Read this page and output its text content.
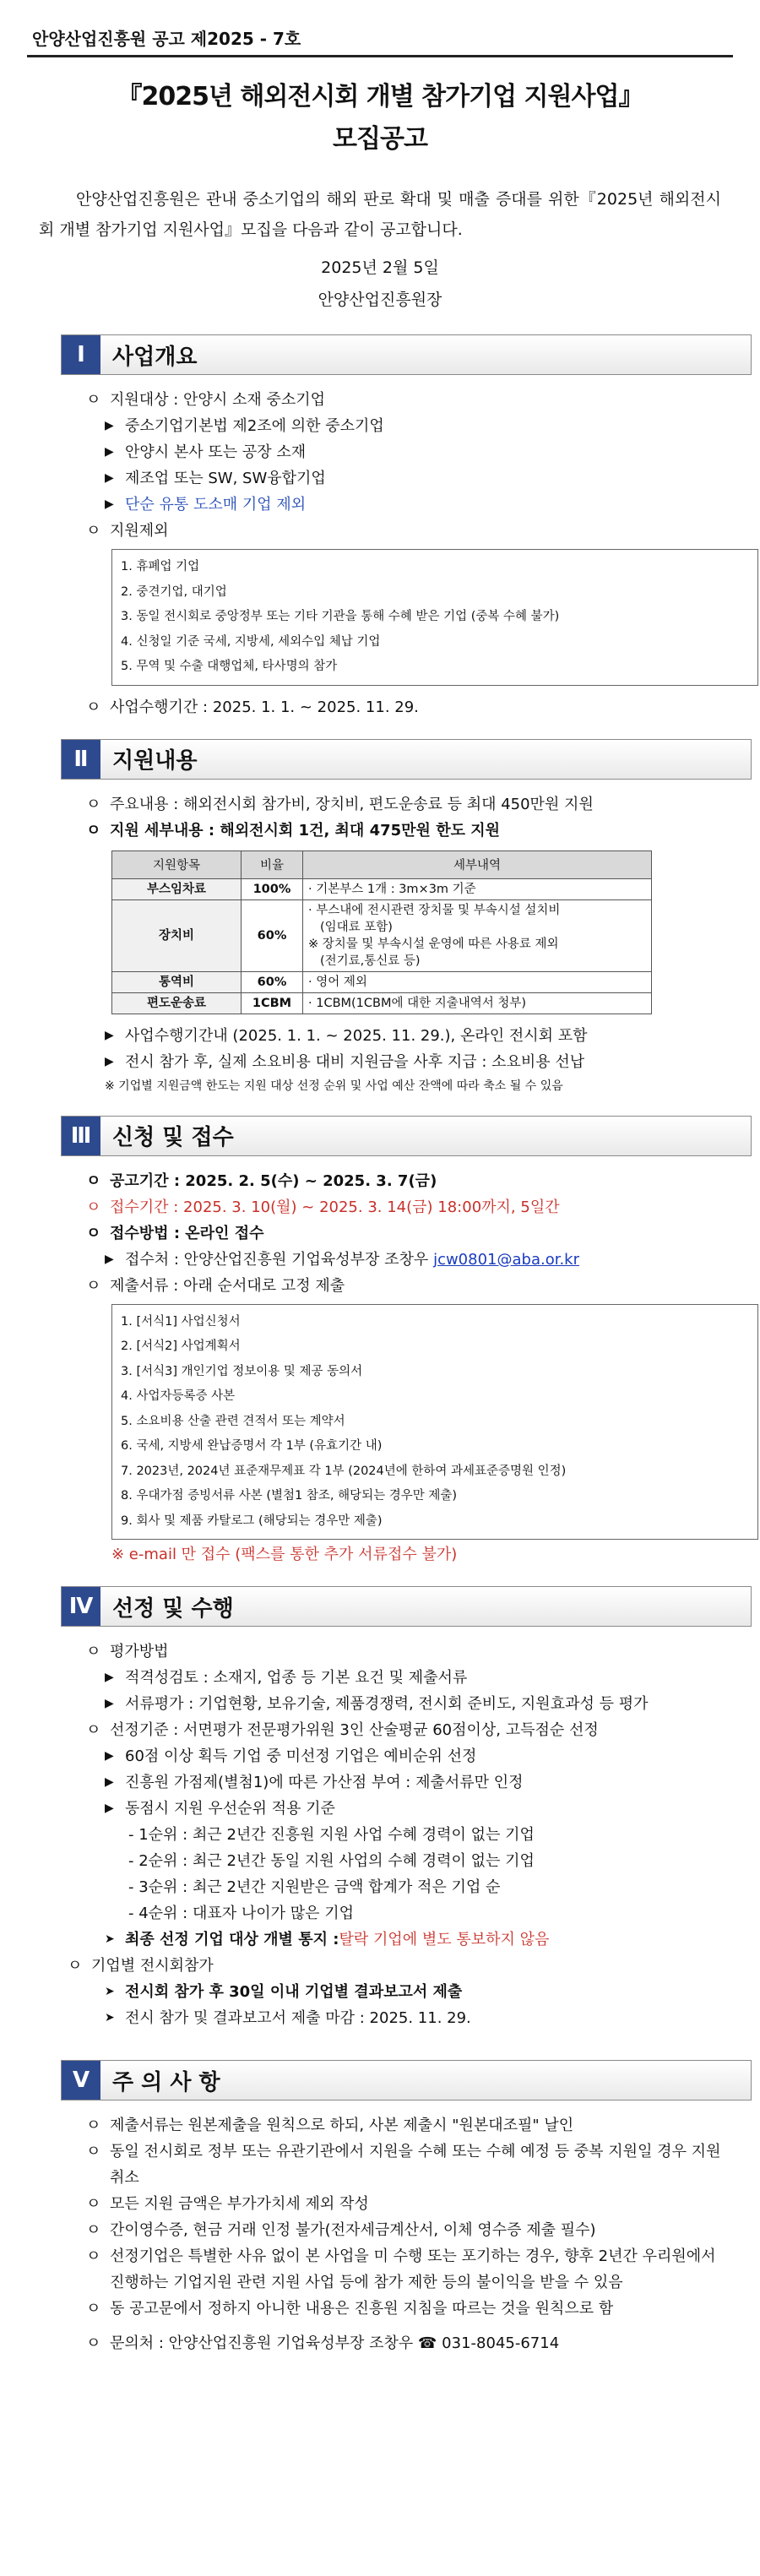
안양산업진흥원 공고 제2025 - 7호
『2025년 해외전시회 개별 참가기업 지원사업』
모집공고
안양산업진흥원은 관내 중소기업의 해외 판로 확대 및 매출 증대를 위한『2025년 해외전시회 개별 참가기업 지원사업』모집을 다음과 같이 공고합니다.
2025년 2월 5일
안양산업진흥원장
Ⅰ	사업개요
ㅇ 지원대상 : 안양시 소재 중소기업
▶ 중소기업기본법 제2조에 의한 중소기업
▶ 안양시 본사 또는 공장 소재
▶ 제조업 또는 SW, SW융합기업
▶ 단순 유통 도소매 기업 제외
ㅇ 지원제외
1. 휴폐업 기업
2. 중견기업, 대기업
3. 동일 전시회로 중앙정부 또는 기타 기관을 통해 수혜 받은 기업 (중복 수혜 불가)
4. 신청일 기준 국세, 지방세, 세외수입 체납 기업
5. 무역 및 수출 대행업체, 타사명의 참가
ㅇ 사업수행기간 : 2025. 1. 1. ~ 2025. 11. 29.
Ⅱ	지원내용
ㅇ 주요내용 : 해외전시회 참가비, 장치비, 편도운송료 등 최대 450만원 지원
ㅇ 지원 세부내용 : 해외전시회 1건, 최대 475만원 한도 지원
지원항목	비율	세부내역
부스임차료	100%	· 기본부스 1개 : 3m×3m 기준
장치비	60%	· 부스내에 전시관련 장치물 및 부속시설 설치비
(임대료 포함)
※ 장치물 및 부속시설 운영에 따른 사용료 제외
(전기료,통신료 등)

통역비	60%	· 영어 제외
편도운송료	1CBM	· 1CBM(1CBM에 대한 지출내역서 청부)
▶ 사업수행기간내 (2025. 1. 1. ~ 2025. 11. 29.), 온라인 전시회 포함
▶ 전시 참가 후, 실제 소요비용 대비 지원금을 사후 지급 : 소요비용 선납
※ 기업별 지원금액 한도는 지원 대상 선정 순위 및 사업 예산 잔액에 따라 축소 될 수 있음
Ⅲ 신청 및 접수
ㅇ 공고기간 : 2025. 2. 5(수) ~ 2025. 3. 7(금)
ㅇ 접수기간 : 2025. 3. 10(월) ~ 2025. 3. 14(금) 18:00까지, 5일간
ㅇ 접수방법 : 온라인 접수
▶ 접수처 : 안양산업진흥원 기업육성부장 조창우
jcw0801@aba.or.kr
ㅇ 제출서류 : 아래 순서대로 고정 제출
1. [서식1] 사업신청서
2. [서식2] 사업계획서
3. [서식3] 개인기업 정보이용 및 제공 동의서
4. 사업자등록증 사본
5. 소요비용 산출 관련 견적서 또는 계약서
6. 국세, 지방세 완납증명서 각 1부 (유효기간 내)
7. 2023년, 2024년 표준재무제표 각 1부 (2024년에 한하여 과세표준증명원 인정)
8. 우대가점 증빙서류 사본 (별첨1 참조, 해당되는 경우만 제출)
9. 회사 및 제품 카탈로그 (해당되는 경우만 제출)
※ e-mail 만 접수 (팩스를 통한 추가 서류접수 불가)
Ⅳ 선정 및 수행
ㅇ 평가방법
▶ 적격성검토 : 소재지, 업종 등 기본 요건 및 제출서류
▶ 서류평가 : 기업현황, 보유기술, 제품경쟁력, 전시회 준비도, 지원효과성 등 평가
ㅇ 선정기준 : 서면평가 전문평가위원 3인 산술평균 60점이상, 고득점순 선정
▶ 60점 이상 획득 기업 중 미선정 기업은 예비순위 선정
▶ 진흥원 가점제(별첨1)에 따른 가산점 부여 : 제출서류만 인정
▶ 동점시 지원 우선순위 적용 기준
- 1순위 : 최근 2년간 진흥원 지원 사업 수혜 경력이 없는 기업
- 2순위 : 최근 2년간 동일 지원 사업의 수혜 경력이 없는 기업
- 3순위 : 최근 2년간 지원받은 금액 합계가 적은 기업 순
- 4순위 : 대표자 나이가 많은 기업
➤ 최종 선정 기업 대상 개별 통지 : 탈락 기업에 별도 통보하지 않음
ㅇ 기업별 전시회참가
➤ 전시회 참가 후 30일 이내 기업별 결과보고서 제출
➤ 전시 참가 및 결과보고서 제출 마감 : 2025. 11. 29.
Ⅴ	주 의 사 항
ㅇ 제출서류는 원본제출을 원칙으로 하되, 사본 제출시 "원본대조필" 날인
ㅇ 동일 전시회로 정부 또는 유관기관에서 지원을 수혜 또는 수혜 예정 등 중복 지원일 경우 지원 취소
ㅇ 모든 지원 금액은 부가가치세 제외 작성
ㅇ 간이영수증, 현금 거래 인정 불가(전자세금계산서, 이체 영수증 제출 필수)
ㅇ 선정기업은 특별한 사유 없이 본 사업을 미 수행 또는 포기하는 경우, 향후 2년간 우리원에서 진행하는 기업지원 관련 지원 사업 등에 참가 제한 등의 불이익을 받을 수 있음
ㅇ 동 공고문에서 정하지 아니한 내용은 진흥원 지침을 따르는 것을 원칙으로 함
ㅇ 문의처 : 안양산업진흥원 기업육성부장 조창우 ☎ 031-8045-6714
